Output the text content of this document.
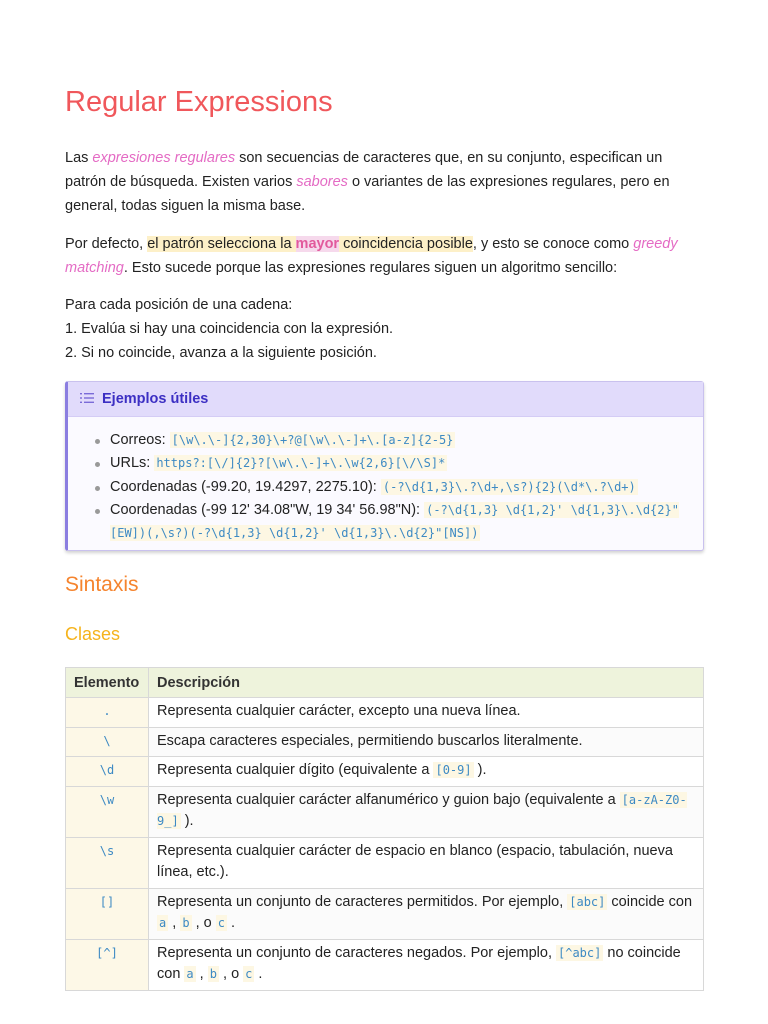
Regular Expressions

Las expresiones regulares son secuencias de caracteres que, en su conjunto, especifican un patrón de búsqueda. Existen varios sabores o variantes de las expresiones regulares, pero en general, todas siguen la misma base.

Por defecto, el patrón selecciona la mayor coincidencia posible, y esto se conoce como greedy matching. Esto sucede porque las expresiones regulares siguen un algoritmo sencillo:

Para cada posición de una cadena:
1. Evalúa si hay una coincidencia con la expresión.
2. Si no coincide, avanza a la siguiente posición.

Ejemplos útiles
Correos: [\w\.\-]{2,30}\+?@[\w\.\-]+\.[a-z]{2-5}
URLs: https?:[\/]{2}?[\w\.\-]+\.\w{2,6}[\/\S]*
Coordenadas (-99.20, 19.4297, 2275.10): (-?\d{1,3}\.?\d+,\s?){2}(\d*\.?\d+)
Coordenadas (-99 12' 34.08"W, 19 34' 56.98"N): (-?\d{1,3} \d{1,2}' \d{1,3}\.\d{2}"[EW])(,\s?)(-?\d{1,3} \d{1,2}' \d{1,3}\.\d{2}"[NS])
Sintaxis
Clases
Elemento	Descripción
.	Representa cualquier carácter, excepto una nueva línea.
\	Escapa caracteres especiales, permitiendo buscarlos literalmente.
\d	Representa cualquier dígito (equivalente a [0-9] ).
\w	Representa cualquier carácter alfanumérico y guion bajo (equivalente a [a-zA-Z0-9_] ).
\s	Representa cualquier carácter de espacio en blanco (espacio, tabulación, nueva línea, etc.).
[]	Representa un conjunto de caracteres permitidos. Por ejemplo, [abc] coincide con a , b , o c .
[^]	Representa un conjunto de caracteres negados. Por ejemplo, [^abc] no coincide con a , b , o c .
